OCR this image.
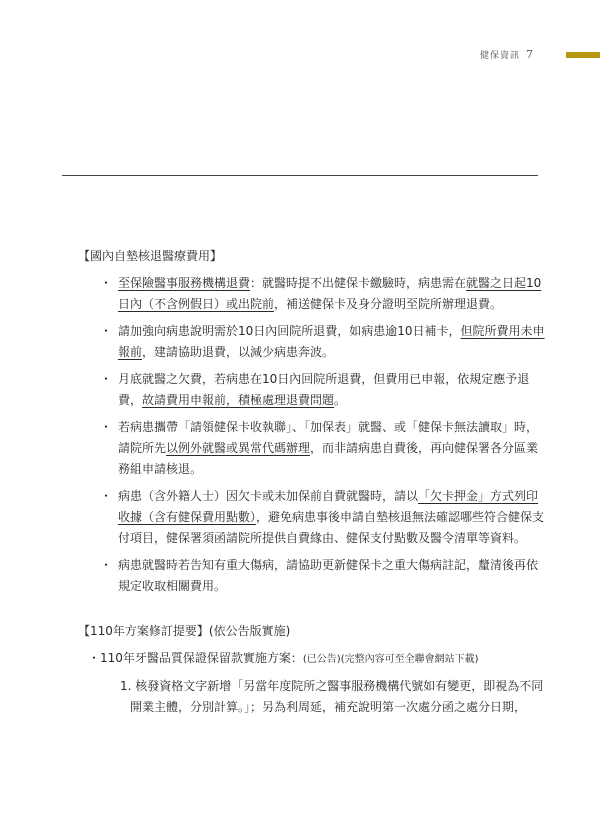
健保資訊 7
【國內自墊核退醫療費用】
・ 至保險醫事服務機構退費：就醫時提不出健保卡繳驗時，病患需在就醫之日起10日內（不含例假日）或出院前，補送健保卡及身分證明至院所辦理退費。
・ 請加強向病患說明需於10日內回院所退費，如病患逾10日補卡，但院所費用未申報前，建請協助退費，以減少病患奔波。
・ 月底就醫之欠費，若病患在10日內回院所退費，但費用已申報，依規定應予退費，故請費用申報前，積極處理退費問題。
・ 若病患攜帶「請領健保卡收執聯」、「加保表」就醫、或「健保卡無法讀取」時，請院所先以例外就醫或異常代碼辦理，而非請病患自費後，再向健保署各分區業務組申請核退。
・ 病患（含外籍人士）因欠卡或未加保前自費就醫時，請以「欠卡押金」方式列印收據（含有健保費用點數），避免病患事後申請自墊核退無法確認哪些符合健保支付項目，健保署須函請院所提供自費緣由、健保支付點數及醫令清單等資料。
・ 病患就醫時若告知有重大傷病，請協助更新健保卡之重大傷病註記，釐清後再依規定收取相關費用。
【110年方案修訂提要】(依公告版實施)
・ 110年牙醫品質保證保留款實施方案：(已公告)(完整內容可至全聯會網站下載)
1. 核發資格文字新增「另當年度院所之醫事服務機構代號如有變更，即視為不同開業主體，分別計算。」；另為利周延，補充說明第一次處分函之處分日期，
